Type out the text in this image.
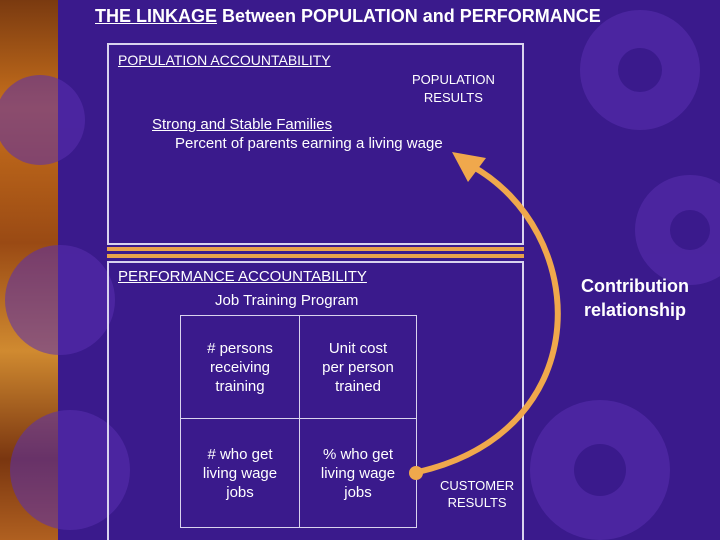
THE LINKAGE Between POPULATION and PERFORMANCE
POPULATION ACCOUNTABILITY
POPULATION
RESULTS
Strong and Stable Families
Percent of parents earning a living wage
PERFORMANCE ACCOUNTABILITY
Job Training Program
# persons
receiving
training
Unit cost
per person
trained
# who get
living wage
jobs
% who get
living wage
jobs	CUSTOMER
RESULTS
Contribution
relationship
